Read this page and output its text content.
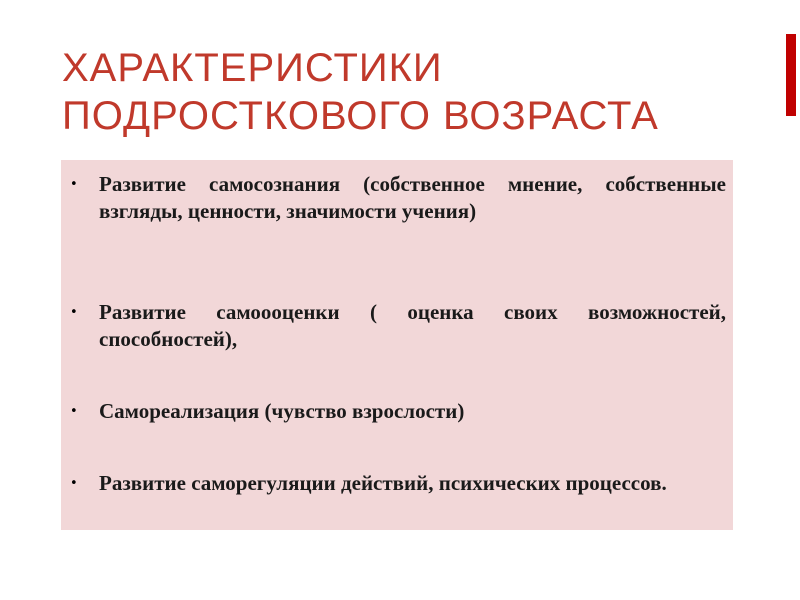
ХАРАКТЕРИСТИКИ
ПОДРОСТКОВОГО ВОЗРАСТА
• Развитие самосознания (собственное мнение, собственные взгляды, ценности, значимости учения)
• Развитие самоооценки ( оценка своих возможностей, способностей),
• Самореализация (чувство взрослости)
• Развитие саморегуляции действий, психических процессов.
